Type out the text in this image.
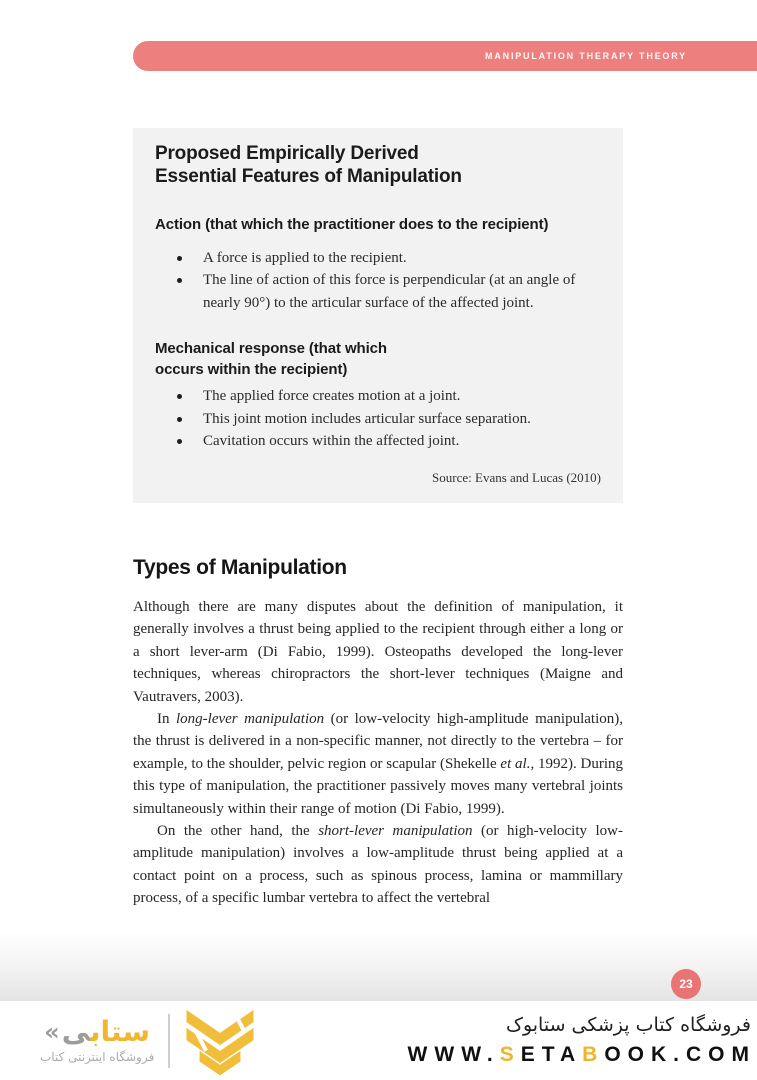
MANIPULATION THERAPY THEORY
Proposed Empirically Derived
Essential Features of Manipulation
Action (that which the practitioner does to the recipient)
A force is applied to the recipient.
The line of action of this force is perpendicular (at an angle of nearly 90°) to the articular surface of the affected joint.
Mechanical response (that which
occurs within the recipient)
The applied force creates motion at a joint.
This joint motion includes articular surface separation.
Cavitation occurs within the affected joint.
Source: Evans and Lucas (2010)
Types of Manipulation

Although there are many disputes about the definition of manipulation, it generally involves a thrust being applied to the recipient through either a long or a short lever-arm (Di Fabio, 1999). Osteopaths developed the long-lever techniques, whereas chiropractors the short-lever techniques (Maigne and Vautravers, 2003).

In long-lever manipulation (or low-velocity high-amplitude manipulation), the thrust is delivered in a non-specific manner, not directly to the vertebra – for example, to the shoulder, pelvic region or scapular (Shekelle et al., 1992). During this type of manipulation, the practitioner passively moves many vertebral joints simultaneously within their range of motion (Di Fabio, 1999).

On the other hand, the short-lever manipulation (or high-velocity low-amplitude manipulation) involves a low-amplitude thrust being applied at a contact point on a process, such as spinous process, lamina or mammillary process, of a specific lumbar vertebra to affect the vertebral

23
«	ستابی
فروشگاه اینترنتی کتاب
فروشگاه کتاب پزشکی ستابوک
WWW.SETABOOK.COM
